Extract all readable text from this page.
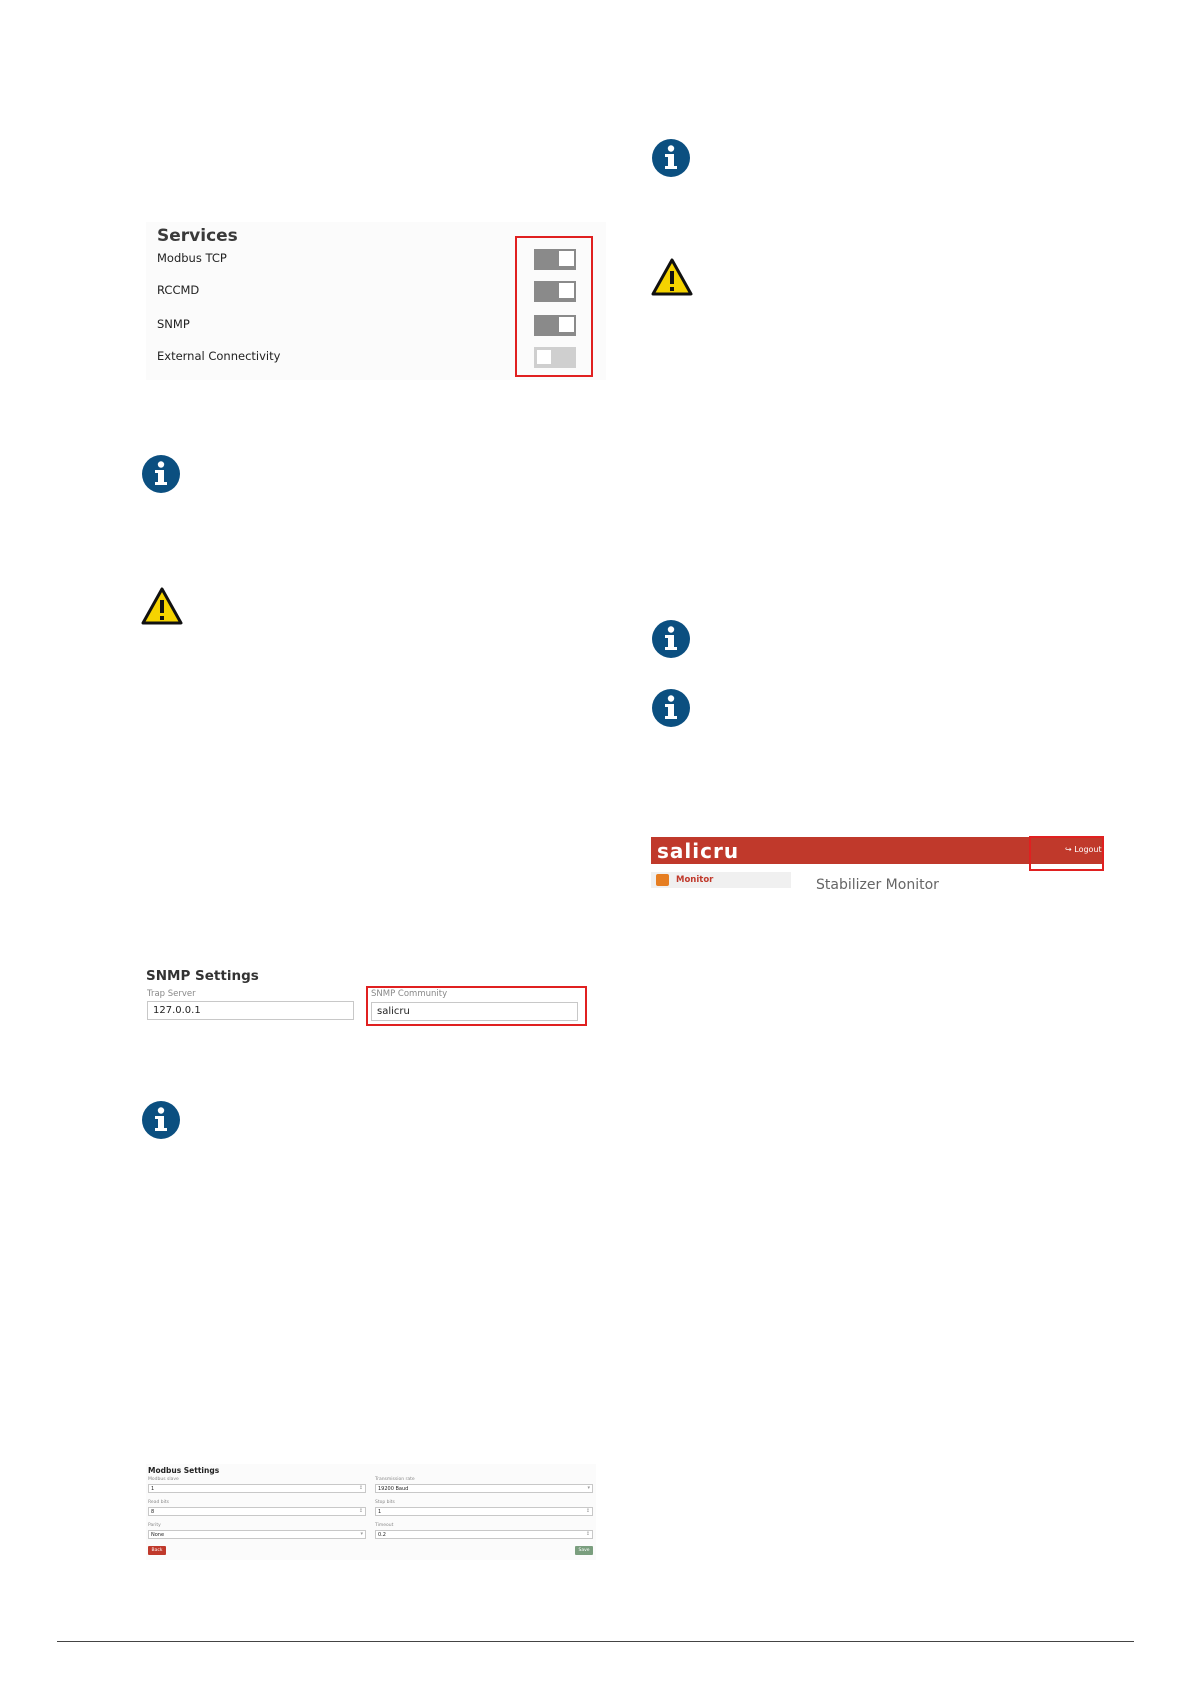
Services
Modbus TCP
RCCMD
SNMP
External Connectivity
SNMP Settings
Trap Server
127.0.0.1
SNMP Community
salicru
salicru	↪ Logout
Monitor	Stabilizer Monitor
Modbus Settings
Modbus slave
1	↕
Transmission rate
19200 Baud	▾
Read bits
8	↕
Stop bits
1	↕
Parity
None	▾
Timeout
0.2	↕
Back	Save
